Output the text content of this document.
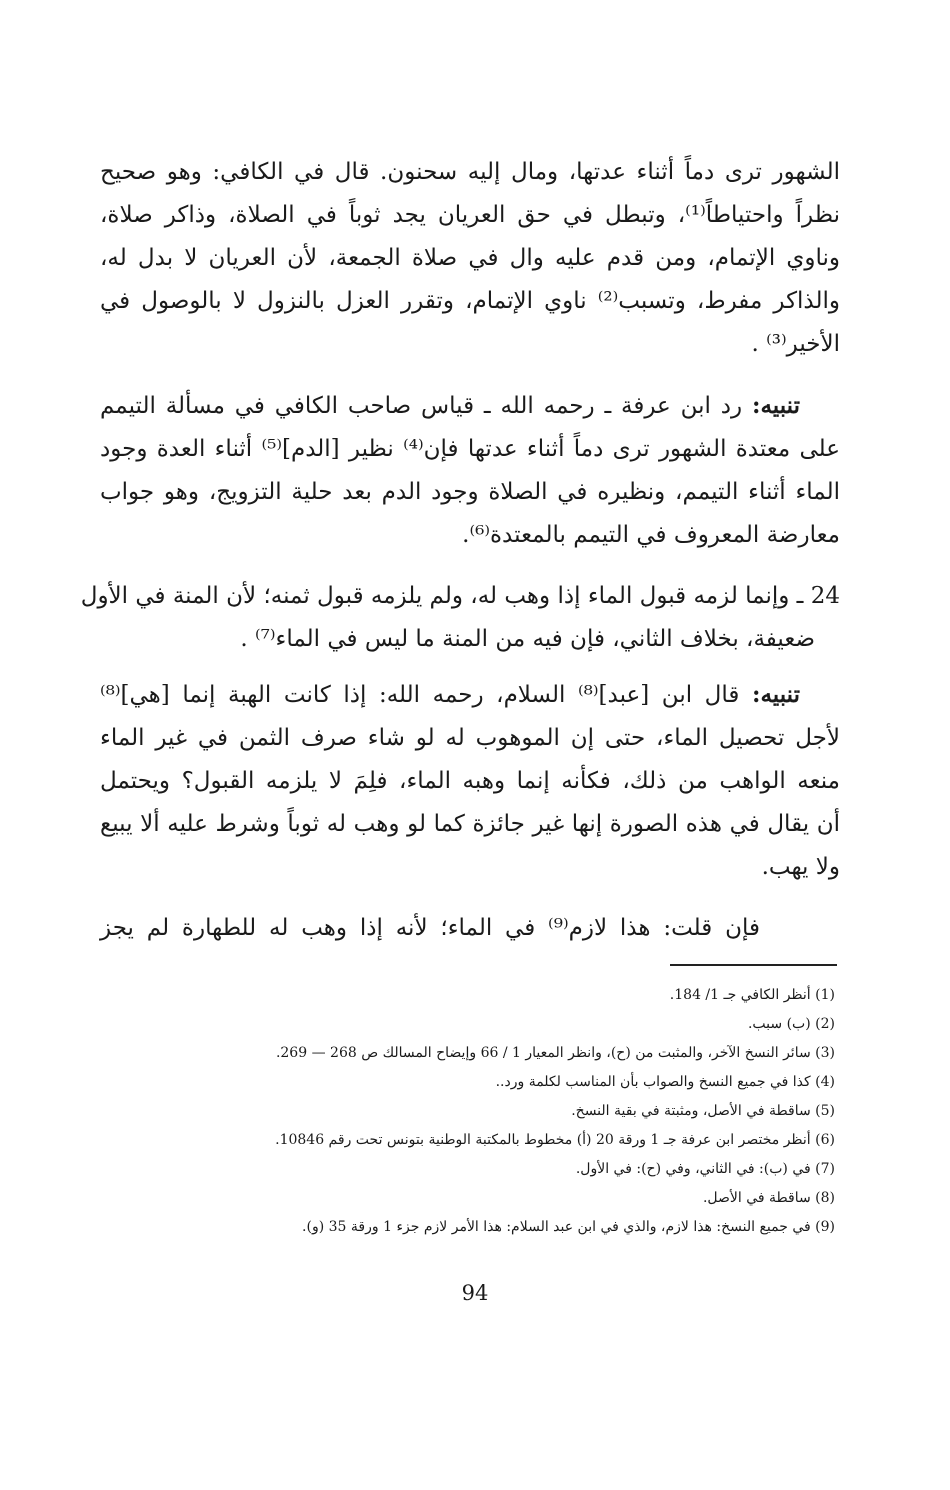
الشهور ترى دماً أثناء عدتها، ومال إليه سحنون. قال في الكافي: وهو صحيح
نظراً واحتياطاً⁽¹⁾، وتبطل في حق العريان يجد ثوباً في الصلاة، وذاكر صلاة،
وناوي الإتمام، ومن قدم عليه وال في صلاة الجمعة، لأن العريان لا بدل له،
والذاكر مفرط، وتسبب⁽²⁾ ناوي الإتمام، وتقرر العزل بالنزول لا بالوصول في
الأخير⁽³⁾ .
تنبيه: رد ابن عرفة ـ رحمه الله ـ قياس صاحب الكافي في مسألة التيمم
على معتدة الشهور ترى دماً أثناء عدتها فإن⁽⁴⁾ نظير [الدم]⁽⁵⁾ أثناء العدة وجود
الماء أثناء التيمم، ونظيره في الصلاة وجود الدم بعد حلية التزويج، وهو جواب
معارضة المعروف في التيمم بالمعتدة⁽⁶⁾.
24 ـ وإنما لزمه قبول الماء إذا وهب له، ولم يلزمه قبول ثمنه؛ لأن المنة في الأول
ضعيفة، بخلاف الثاني، فإن فيه من المنة ما ليس في الماء⁽⁷⁾ .
تنبيه: قال ابن [عبد]⁽⁸⁾ السلام، رحمه الله: إذا كانت الهبة إنما [هي]⁽⁸⁾
لأجل تحصيل الماء، حتى إن الموهوب له لو شاء صرف الثمن في غير الماء
منعه الواهب من ذلك، فكأنه إنما وهبه الماء، فلِمَ لا يلزمه القبول؟ ويحتمل
أن يقال في هذه الصورة إنها غير جائزة كما لو وهب له ثوباً وشرط عليه ألا يبيع
ولا يهب.
فإن قلت: هذا لازم⁽⁹⁾ في الماء؛ لأنه إذا وهب له للطهارة لم يجز
(1) أنظر الكافي جـ 1/ 184.
(2) (ب) سبب.
(3) سائر النسخ الآخر، والمثبت من (ح)، وانظر المعيار 1 / 66 وإيضاح المسالك ص 268 — 269.
(4) كذا في جميع النسخ والصواب بأن المناسب لكلمة ورد..
(5) ساقطة في الأصل، ومثبتة في بقية النسخ.
(6) أنظر مختصر ابن عرفة جـ 1 ورقة 20 (أ) مخطوط بالمكتبة الوطنية بتونس تحت رقم 10846.
(7) في (ب): في الثاني، وفي (ح): في الأول.
(8) ساقطة في الأصل.
(9) في جميع النسخ: هذا لازم، والذي في ابن عبد السلام: هذا الأمر لازم جزء 1 ورقة 35 (و).
94
